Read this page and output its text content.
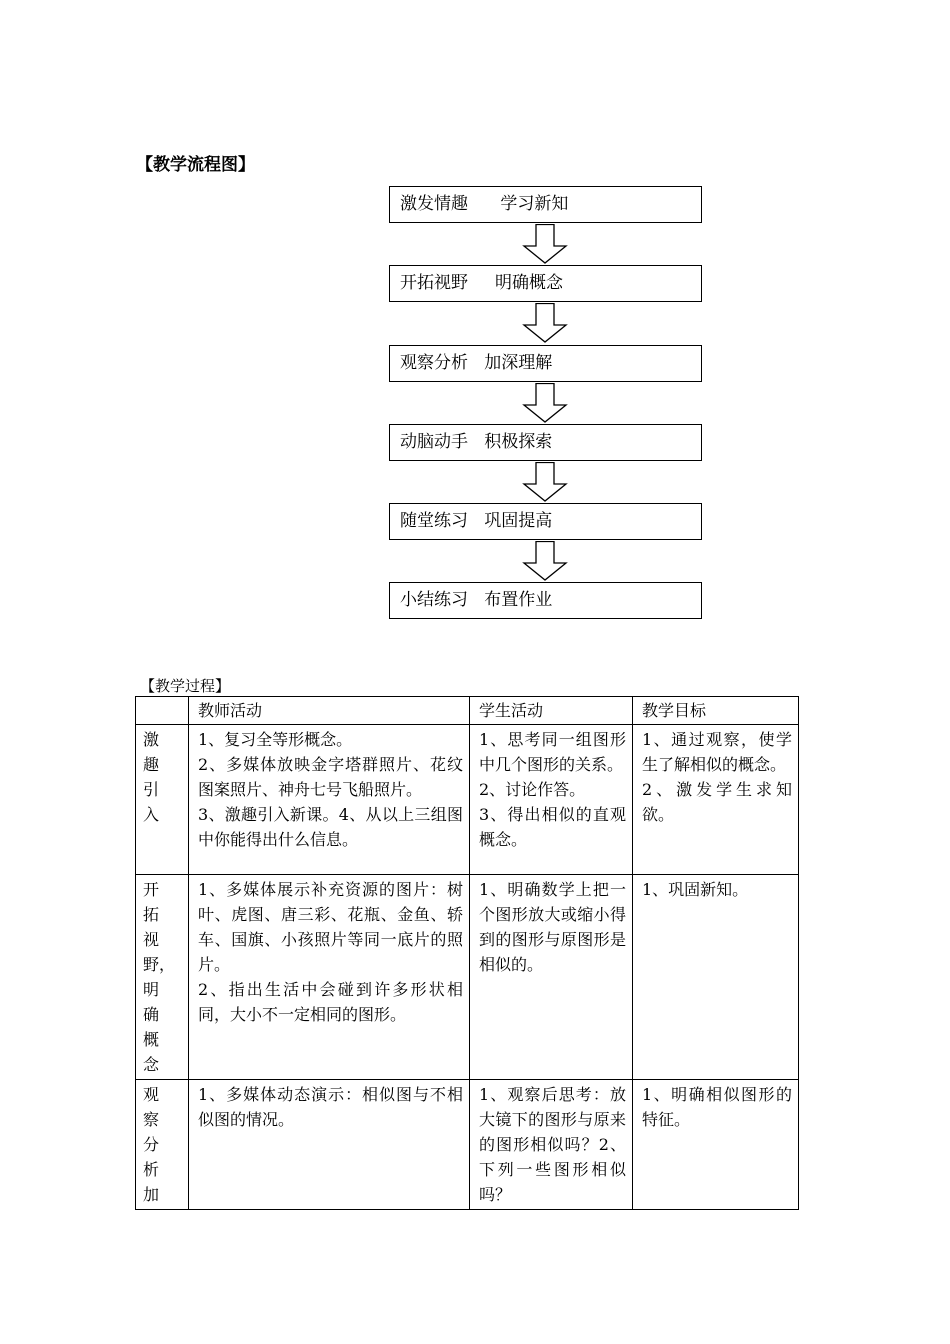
【教学流程图】
激发情趣      学习新知
开拓视野     明确概念
观察分析   加深理解
动脑动手   积极探索
随堂练习   巩固提高
小结练习   布置作业
【教学过程】
	教师活动	学生活动	教学目标

激趣引入	1、复习全等形概念。
2、多媒体放映金字塔群照片、花纹图案照片、神舟七号飞船照片。
3、激趣引入新课。4、从以上三组图中你能得出什么信息。	1、思考同一组图形中几个图形的关系。
2、讨论作答。
3、得出相似的直观概念。	1、通过观察，使学生了解相似的概念。
2、激发学生求知欲。

开拓视野，明确概念	1、多媒体展示补充资源的图片：树叶、虎图、唐三彩、花瓶、金鱼、轿车、国旗、小孩照片等同一底片的照片。
2、指出生活中会碰到许多形状相同，大小不一定相同的图形。	1、明确数学上把一个图形放大或缩小得到的图形与原图形是相似的。	1、巩固新知。

观察分析加	1、多媒体动态演示：相似图与不相似图的情况。	1、观察后思考：放大镜下的图形与原来的图形相似吗？2、下列一些图形相似吗？	1、明确相似图形的特征。
